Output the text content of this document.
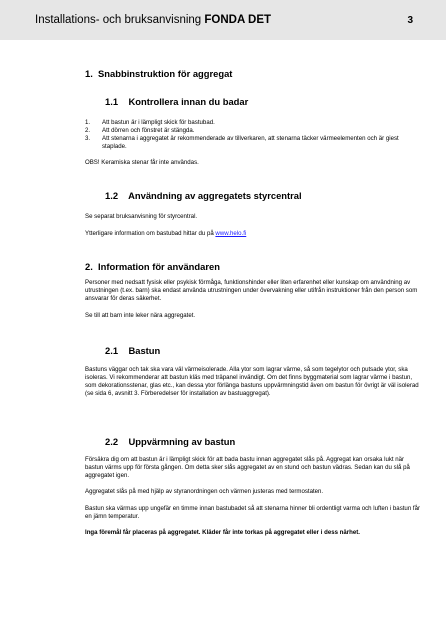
Installations- och bruksanvisning FONDA DET	3
1. Snabbinstruktion för aggregat
1.1 Kontrollera innan du badar
1. Att bastun är i lämpligt skick för bastubad.
2. Att dörren och fönstret är stängda.
3. Att stenarna i aggregatet är rekommenderade av tillverkaren, att stenarna täcker värmeelementen och är giest staplade.
OBS! Keramiska stenar får inte användas.
1.2 Användning av aggregatets styrcentral
Se separat bruksanvisning för styrcentral.
Ytterligare information om bastubad hittar du på www.helo.fi
2. Information för användaren
Personer med nedsatt fysisk eller psykisk förmåga, funktionshinder eller liten erfarenhet eller kunskap om användning av utrustningen (t.ex. barn) ska endast använda utrustningen under övervakning eller utifrån instruktioner från den person som ansvarar för deras säkerhet.
Se till att barn inte leker nära aggregatet.
2.1 Bastun
Bastuns väggar och tak ska vara väl värmeisolerade. Alla ytor som lagrar värme, så som tegelytor och putsade ytor, ska isoleras. Vi rekommenderar att bastun kläs med träpanel invändigt. Om det finns byggmaterial som lagrar värme i bastun, som dekorationsstenar, glas etc., kan dessa ytor förlänga bastuns uppvärmningstid även om bastun för övrigt är väl isolerad (se sida 6, avsnitt 3. Förberedelser för installation av bastuaggregat).
2.2 Uppvärmning av bastun
Försäkra dig om att bastun är i lämpligt skick för att bada bastu innan aggregatet slås på. Aggregat kan orsaka lukt när bastun värms upp för första gången. Om detta sker slås aggregatet av en stund och bastun vädras. Sedan kan du slå på aggregatet igen.
Aggregatet slås på med hjälp av styranordningen och värmen justeras med termostaten.
Bastun ska värmas upp ungefär en timme innan bastubadet så att stenarna hinner bli ordentligt varma och luften i bastun får en jämn temperatur.
Inga föremål får placeras på aggregatet. Kläder får inte torkas på aggregatet eller i dess närhet.
